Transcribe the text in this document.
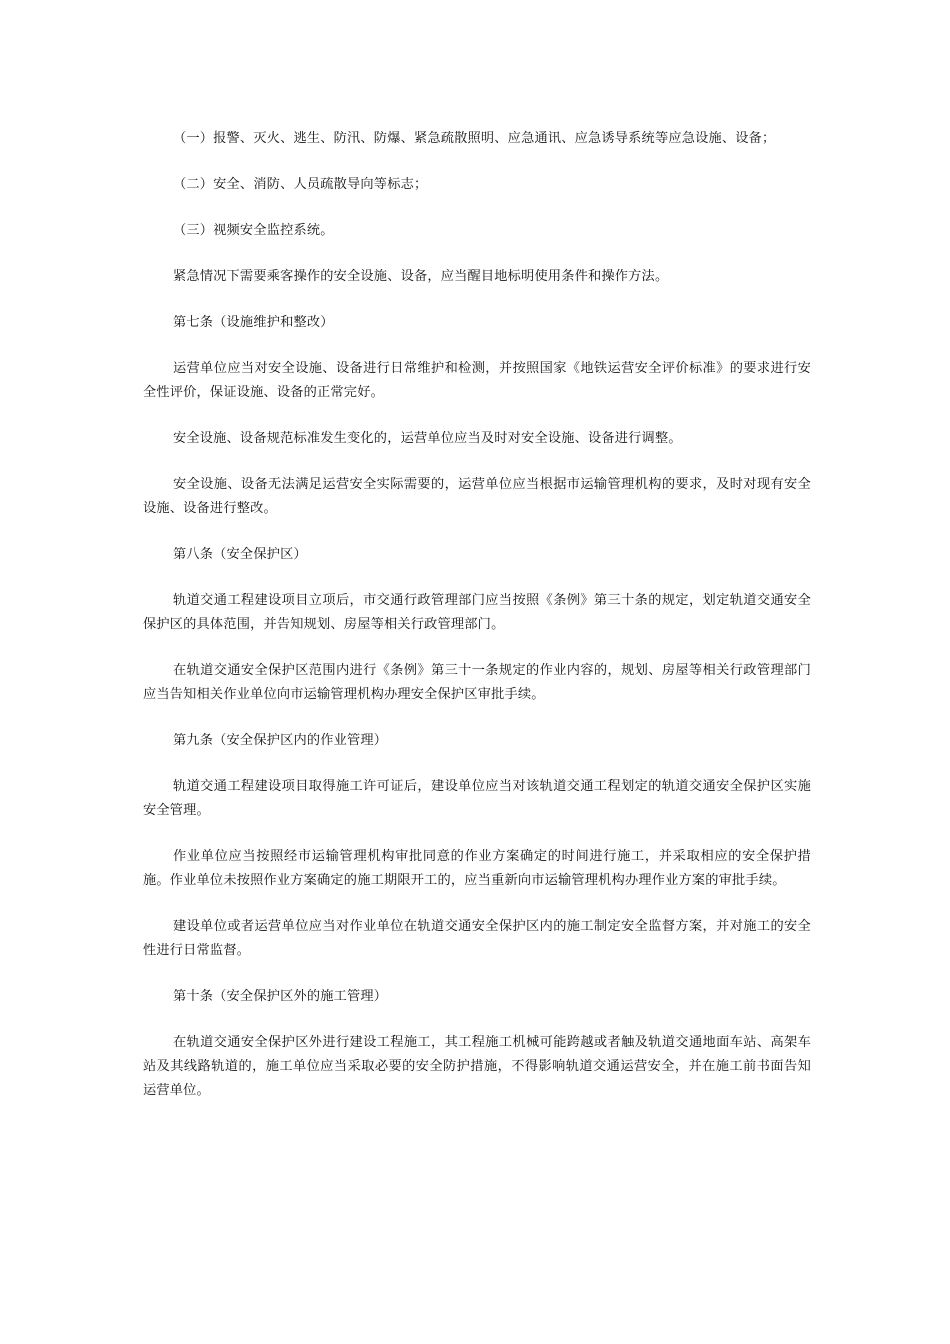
（一）报警、灭火、逃生、防汛、防爆、紧急疏散照明、应急通讯、应急诱导系统等应急设施、设备；

（二）安全、消防、人员疏散导向等标志；

（三）视频安全监控系统。

紧急情况下需要乘客操作的安全设施、设备，应当醒目地标明使用条件和操作方法。

第七条（设施维护和整改）

运营单位应当对安全设施、设备进行日常维护和检测，并按照国家《地铁运营安全评价标准》的要求进行安全性评价，保证设施、设备的正常完好。

安全设施、设备规范标准发生变化的，运营单位应当及时对安全设施、设备进行调整。

安全设施、设备无法满足运营安全实际需要的，运营单位应当根据市运输管理机构的要求，及时对现有安全设施、设备进行整改。

第八条（安全保护区）

轨道交通工程建设项目立项后，市交通行政管理部门应当按照《条例》第三十条的规定，划定轨道交通安全保护区的具体范围，并告知规划、房屋等相关行政管理部门。

在轨道交通安全保护区范围内进行《条例》第三十一条规定的作业内容的，规划、房屋等相关行政管理部门应当告知相关作业单位向市运输管理机构办理安全保护区审批手续。

第九条（安全保护区内的作业管理）

轨道交通工程建设项目取得施工许可证后，建设单位应当对该轨道交通工程划定的轨道交通安全保护区实施安全管理。

作业单位应当按照经市运输管理机构审批同意的作业方案确定的时间进行施工，并采取相应的安全保护措施。作业单位未按照作业方案确定的施工期限开工的，应当重新向市运输管理机构办理作业方案的审批手续。

建设单位或者运营单位应当对作业单位在轨道交通安全保护区内的施工制定安全监督方案，并对施工的安全性进行日常监督。

第十条（安全保护区外的施工管理）

在轨道交通安全保护区外进行建设工程施工，其工程施工机械可能跨越或者触及轨道交通地面车站、高架车站及其线路轨道的，施工单位应当采取必要的安全防护措施，不得影响轨道交通运营安全，并在施工前书面告知运营单位。
